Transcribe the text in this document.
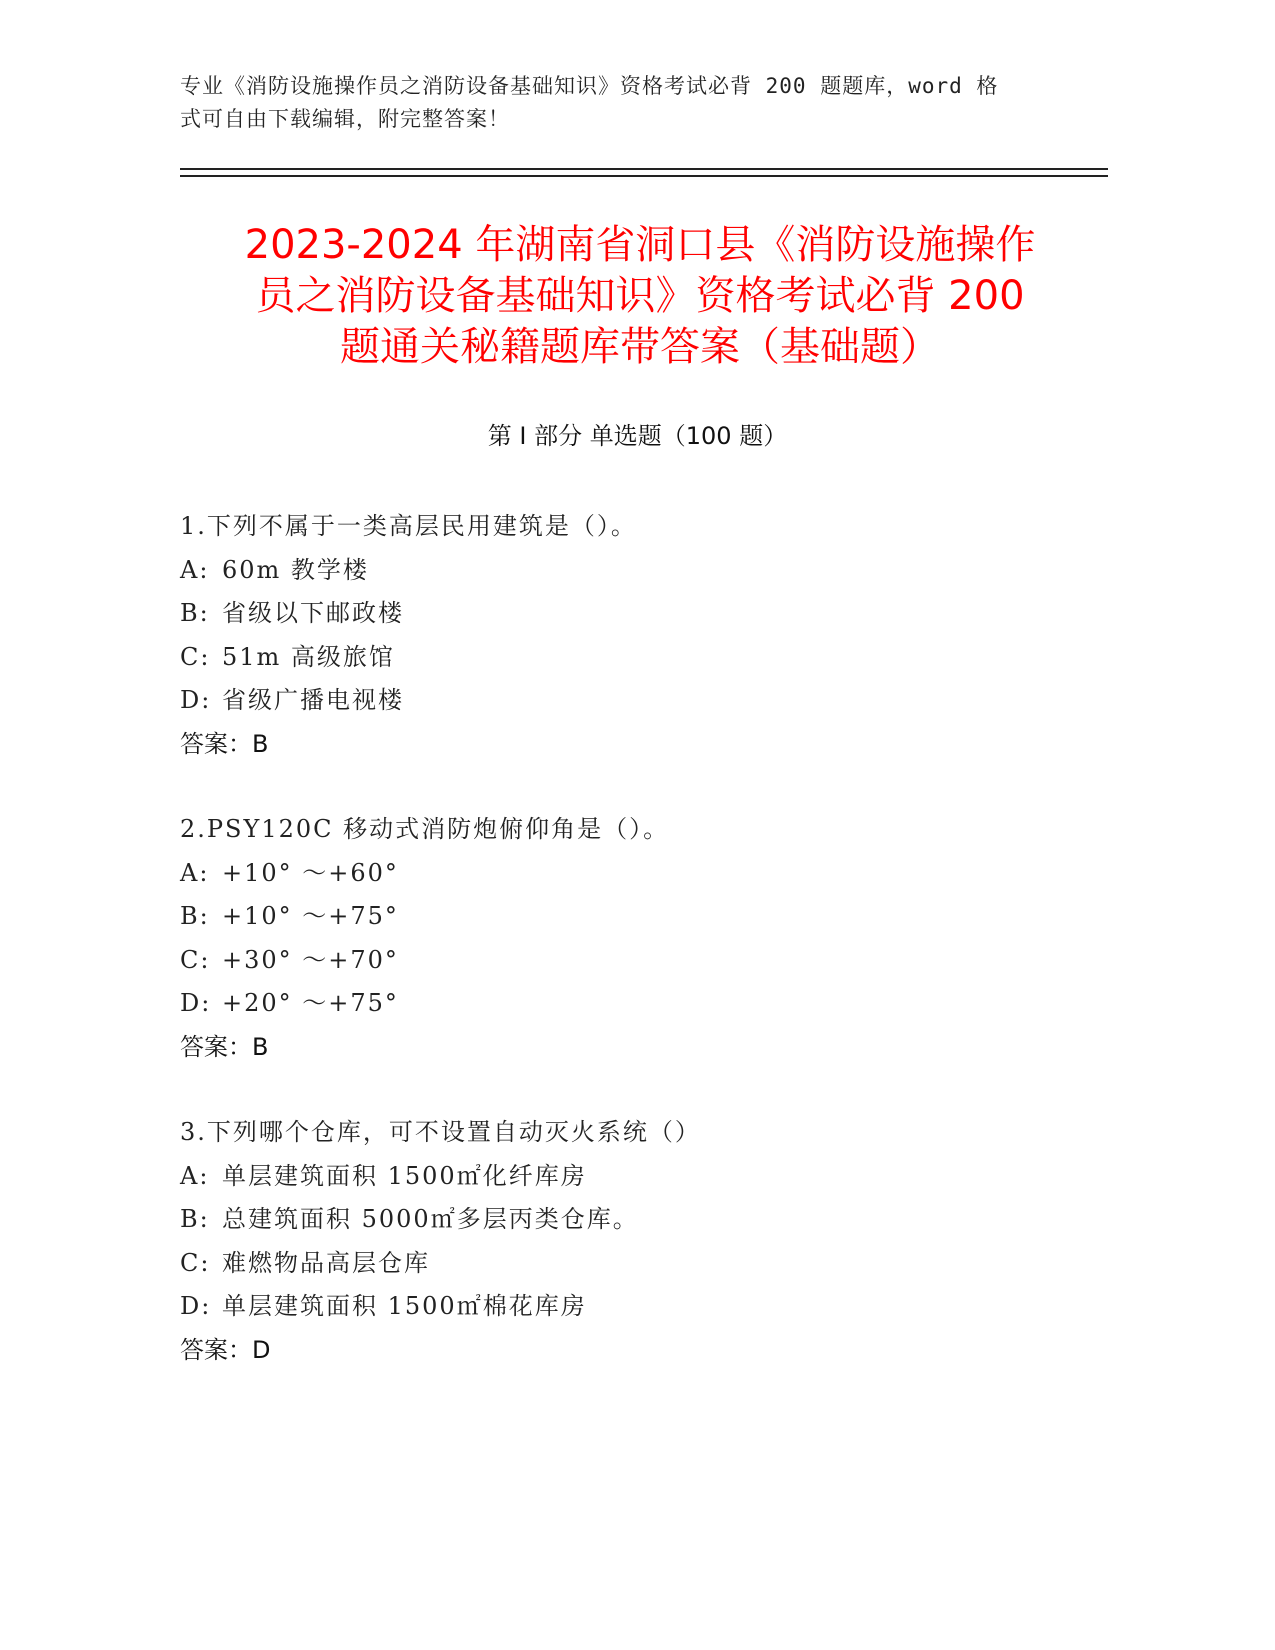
专业《消防设施操作员之消防设备基础知识》资格考试必背 200 题题库，word 格
式可自由下载编辑，附完整答案！
2023-2024 年湖南省洞口县《消防设施操作
员之消防设备基础知识》资格考试必背 200
题通关秘籍题库带答案（基础题）
第 I 部分 单选题（100 题）
1.下列不属于一类高层民用建筑是（）。
A: 60m 教学楼
B: 省级以下邮政楼
C: 51m 高级旅馆
D: 省级广播电视楼
答案：B
2.PSY120C 移动式消防炮俯仰角是（）。
A: +10° ～+60°
B: +10° ～+75°
C: +30° ～+70°
D: +20° ～+75°
答案：B
3.下列哪个仓库，可不设置自动灭火系统（）
A: 单层建筑面积 1500㎡化纤库房
B: 总建筑面积 5000㎡多层丙类仓库。
C: 难燃物品高层仓库
D: 单层建筑面积 1500㎡棉花库房
答案：D
